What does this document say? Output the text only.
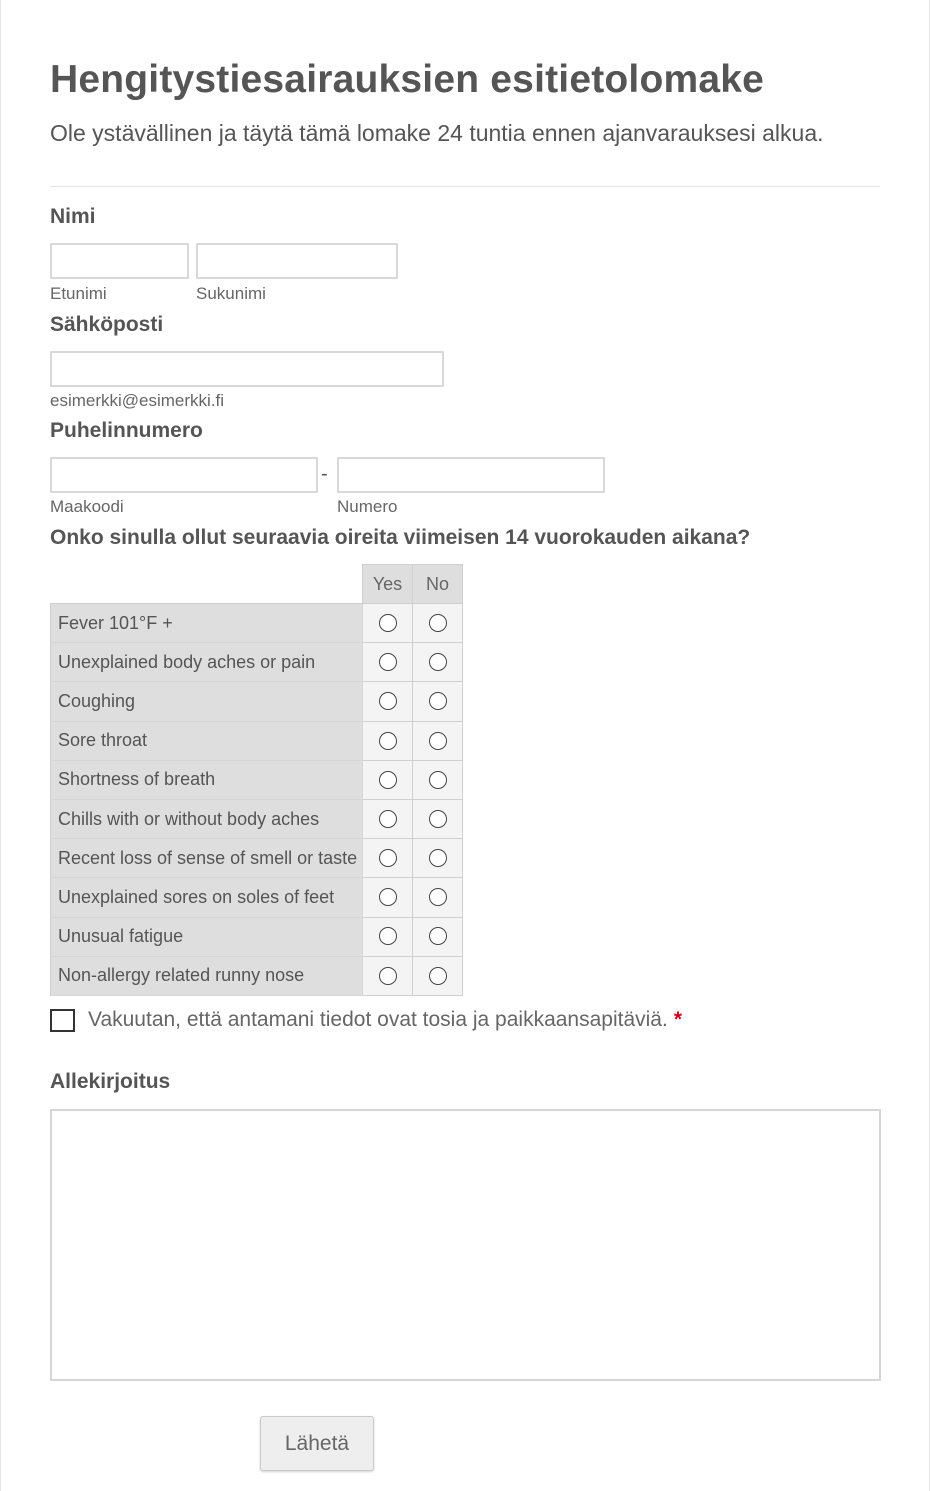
Hengitystiesairauksien esitietolomake

Ole ystävällinen ja täytä tämä lomake 24 tuntia ennen ajanvarauksesi alkua.

Nimi
Etunimi	Sukunimi
Sähköposti
esimerkki@esimerkki.fi
Puhelinnumero
-
Maakoodi	Numero
Onko sinulla ollut seuraavia oireita viimeisen 14 vuorokauden aikana?
	Yes	No
Fever 101°F +		
Unexplained body aches or pain		
Coughing		
Sore throat		
Shortness of breath		
Chills with or without body aches		
Recent loss of sense of smell or taste		
Unexplained sores on soles of feet		
Unusual fatigue		
Non-allergy related runny nose		
Vakuutan, että antamani tiedot ovat tosia ja paikkaansapitäviä. *
Allekirjoitus
Lähetä
